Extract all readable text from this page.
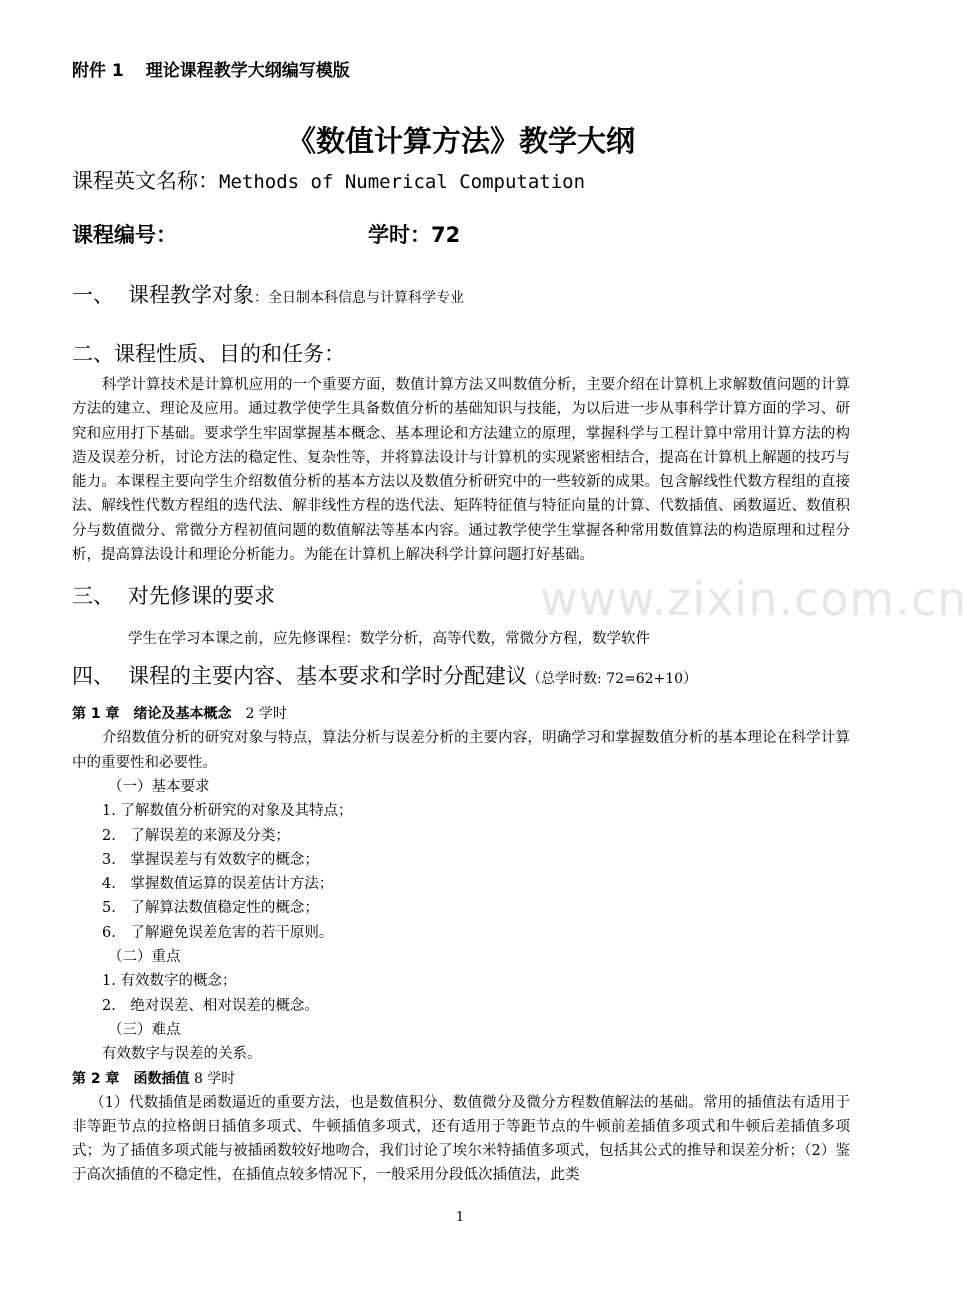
www.zixin.com.cn

附件 1 理论课程教学大纲编写模版

《数值计算方法》教学大纲

课程英文名称：Methods of Numerical Computation

课程编号：	学时：72

一、 课程教学对象：全日制本科信息与计算科学专业

二、课程性质、目的和任务：

科学计算技术是计算机应用的一个重要方面，数值计算方法又叫数值分析，主要介绍在计算机上求解数值问题的计算方法的建立、理论及应用。通过教学使学生具备数值分析的基础知识与技能，为以后进一步从事科学计算方面的学习、研究和应用打下基础。要求学生牢固掌握基本概念、基本理论和方法建立的原理，掌握科学与工程计算中常用计算方法的构造及误差分析，讨论方法的稳定性、复杂性等，并将算法设计与计算机的实现紧密相结合，提高在计算机上解题的技巧与能力。本课程主要向学生介绍数值分析的基本方法以及数值分析研究中的一些较新的成果。包含解线性代数方程组的直接法、解线性代数方程组的迭代法、解非线性方程的迭代法、矩阵特征值与特征向量的计算、代数插值、函数逼近、数值积分与数值微分、常微分方程初值问题的数值解法等基本内容。通过教学使学生掌握各种常用数值算法的构造原理和过程分析，提高算法设计和理论分析能力。为能在计算机上解决科学计算问题打好基础。

三、 对先修课的要求

学生在学习本课之前，应先修课程：数学分析，高等代数，常微分方程，数学软件

四、 课程的主要内容、基本要求和学时分配建议（总学时数: 72=62+10）

第 1 章　绪论及基本概念　 2 学时

介绍数值分析的研究对象与特点，算法分析与误差分析的主要内容，明确学习和掌握数值分析的基本理论在科学计算中的重要性和必要性。

（一）基本要求

1. 了解数值分析研究的对象及其特点；

2.　了解误差的来源及分类；

3.　掌握误差与有效数字的概念；

4.　掌握数值运算的误差估计方法；

5.　了解算法数值稳定性的概念；

6.　了解避免误差危害的若干原则。

（二）重点

1. 有效数字的概念；

2.　绝对误差、相对误差的概念。

（三）难点

有效数字与误差的关系。

第 2 章　函数插值 8 学时

（1）代数插值是函数逼近的重要方法，也是数值积分、数值微分及微分方程数值解法的基础。常用的插值法有适用于非等距节点的拉格朗日插值多项式、牛顿插值多项式，还有适用于等距节点的牛顿前差插值多项式和牛顿后差插值多项式；为了插值多项式能与被插函数较好地吻合，我们讨论了埃尔米特插值多项式，包括其公式的推导和误差分析；（2）鉴于高次插值的不稳定性，在插值点较多情况下，一般采用分段低次插值法，此类

1
